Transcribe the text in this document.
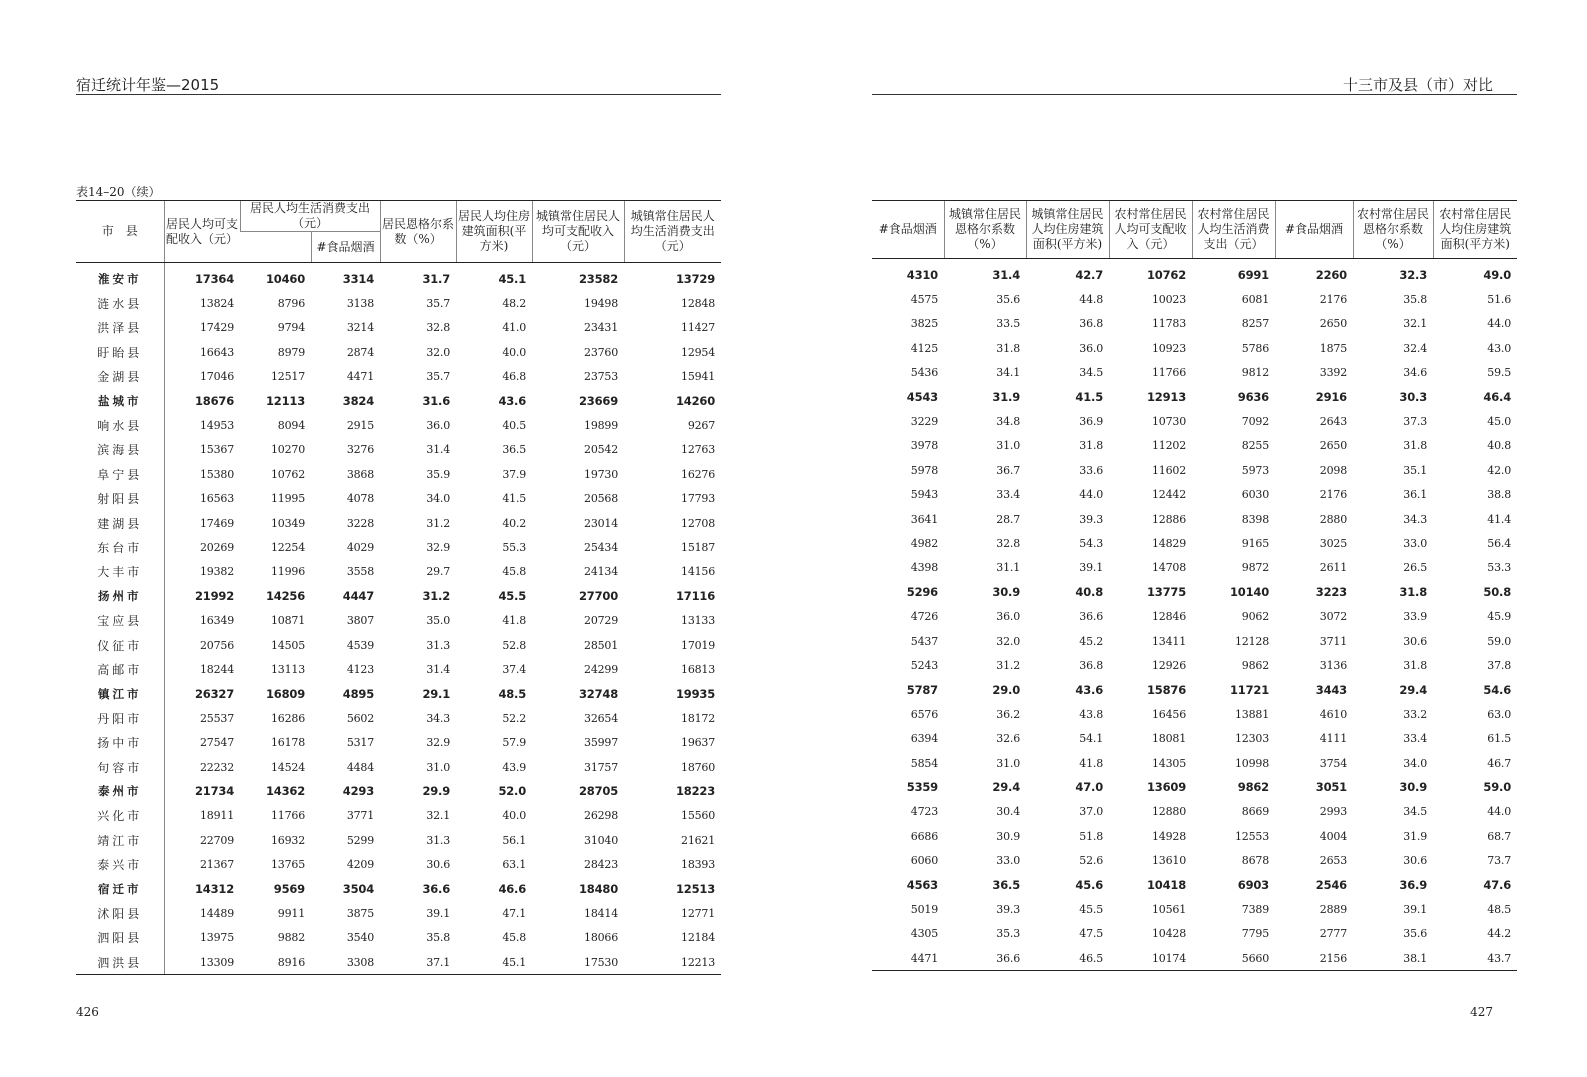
宿迁统计年鉴—2015	十三市及县（市）对比
表14–20（续）
市　县	居民人均可支配收入（元）	居民人均生活消费支出（元）		居民恩格尔系数（%）	居民人均住房建筑面积(平方米)	城镇常住居民人均可支配收入（元）	城镇常住居民人均生活消费支出（元）
			#食品烟酒				
淮安市	17364	10460	3314	31.7	45.1	23582	13729
涟水县	13824	8796	3138	35.7	48.2	19498	12848
洪泽县	17429	9794	3214	32.8	41.0	23431	11427
盱眙县	16643	8979	2874	32.0	40.0	23760	12954
金湖县	17046	12517	4471	35.7	46.8	23753	15941
盐城市	18676	12113	3824	31.6	43.6	23669	14260
响水县	14953	8094	2915	36.0	40.5	19899	9267
滨海县	15367	10270	3276	31.4	36.5	20542	12763
阜宁县	15380	10762	3868	35.9	37.9	19730	16276
射阳县	16563	11995	4078	34.0	41.5	20568	17793
建湖县	17469	10349	3228	31.2	40.2	23014	12708
东台市	20269	12254	4029	32.9	55.3	25434	15187
大丰市	19382	11996	3558	29.7	45.8	24134	14156
扬州市	21992	14256	4447	31.2	45.5	27700	17116
宝应县	16349	10871	3807	35.0	41.8	20729	13133
仪征市	20756	14505	4539	31.3	52.8	28501	17019
高邮市	18244	13113	4123	31.4	37.4	24299	16813
镇江市	26327	16809	4895	29.1	48.5	32748	19935
丹阳市	25537	16286	5602	34.3	52.2	32654	18172
扬中市	27547	16178	5317	32.9	57.9	35997	19637
句容市	22232	14524	4484	31.0	43.9	31757	18760
泰州市	21734	14362	4293	29.9	52.0	28705	18223
兴化市	18911	11766	3771	32.1	40.0	26298	15560
靖江市	22709	16932	5299	31.3	56.1	31040	21621
泰兴市	21367	13765	4209	30.6	63.1	28423	18393
宿迁市	14312	9569	3504	36.6	46.6	18480	12513
沭阳县	14489	9911	3875	39.1	47.1	18414	12771
泗阳县	13975	9882	3540	35.8	45.8	18066	12184
泗洪县	13309	8916	3308	37.1	45.1	17530	12213
#食品烟酒	城镇常住居民恩格尔系数（%）	城镇常住居民人均住房建筑面积(平方米)	农村常住居民人均可支配收入（元）	农村常住居民人均生活消费支出（元）	#食品烟酒	农村常住居民恩格尔系数（%）	农村常住居民人均住房建筑面积(平方米)
4310	31.4	42.7	10762	6991	2260	32.3	49.0
4575	35.6	44.8	10023	6081	2176	35.8	51.6
3825	33.5	36.8	11783	8257	2650	32.1	44.0
4125	31.8	36.0	10923	5786	1875	32.4	43.0
5436	34.1	34.5	11766	9812	3392	34.6	59.5
4543	31.9	41.5	12913	9636	2916	30.3	46.4
3229	34.8	36.9	10730	7092	2643	37.3	45.0
3978	31.0	31.8	11202	8255	2650	31.8	40.8
5978	36.7	33.6	11602	5973	2098	35.1	42.0
5943	33.4	44.0	12442	6030	2176	36.1	38.8
3641	28.7	39.3	12886	8398	2880	34.3	41.4
4982	32.8	54.3	14829	9165	3025	33.0	56.4
4398	31.1	39.1	14708	9872	2611	26.5	53.3
5296	30.9	40.8	13775	10140	3223	31.8	50.8
4726	36.0	36.6	12846	9062	3072	33.9	45.9
5437	32.0	45.2	13411	12128	3711	30.6	59.0
5243	31.2	36.8	12926	9862	3136	31.8	37.8
5787	29.0	43.6	15876	11721	3443	29.4	54.6
6576	36.2	43.8	16456	13881	4610	33.2	63.0
6394	32.6	54.1	18081	12303	4111	33.4	61.5
5854	31.0	41.8	14305	10998	3754	34.0	46.7
5359	29.4	47.0	13609	9862	3051	30.9	59.0
4723	30.4	37.0	12880	8669	2993	34.5	44.0
6686	30.9	51.8	14928	12553	4004	31.9	68.7
6060	33.0	52.6	13610	8678	2653	30.6	73.7
4563	36.5	45.6	10418	6903	2546	36.9	47.6
5019	39.3	45.5	10561	7389	2889	39.1	48.5
4305	35.3	47.5	10428	7795	2777	35.6	44.2
4471	36.6	46.5	10174	5660	2156	38.1	43.7
426	427
